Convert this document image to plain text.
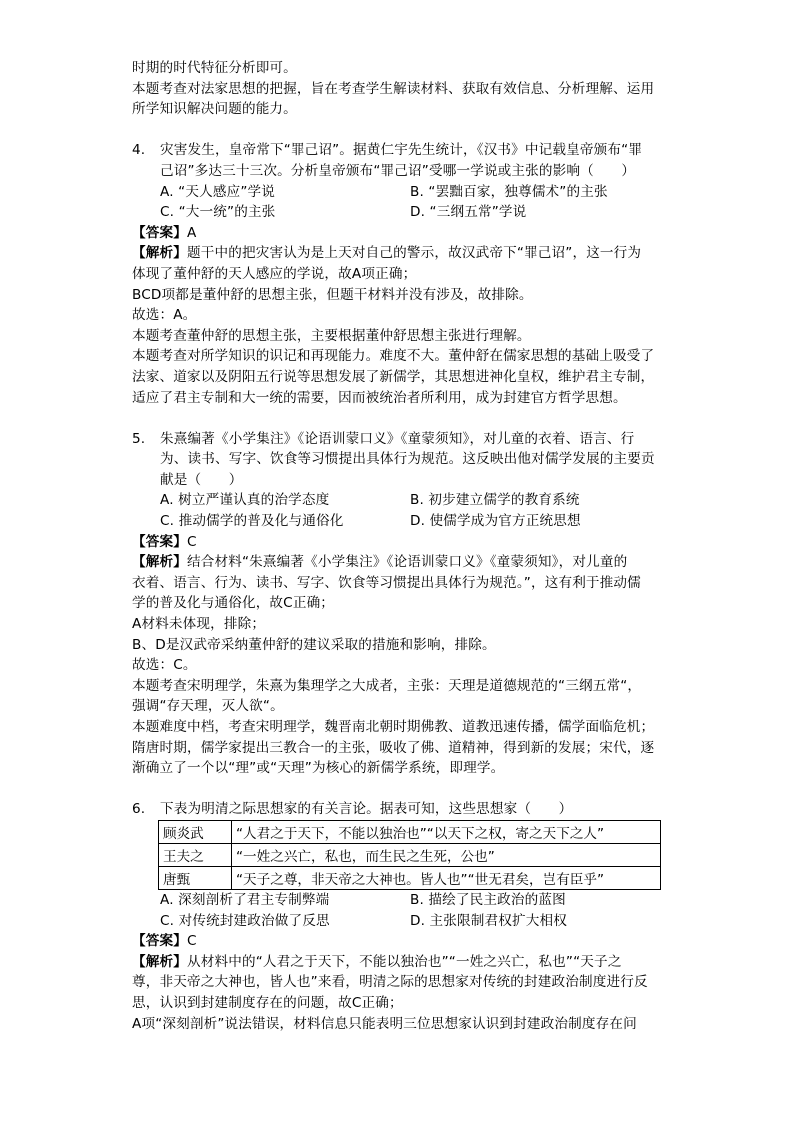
时期的时代特征分析即可。
本题考查对法家思想的把握，旨在考查学生解读材料、获取有效信息、分析理解、运用
所学知识解决问题的能力。
4. 灾害发生，皇帝常下“罪己诏”。据黄仁宇先生统计，《汉书》中记载皇帝颁布“罪
己诏”多达三十三次。分析皇帝颁布“罪己诏”受哪一学说或主张的影响（　　）
A. “天人感应”学说	B. “罢黜百家，独尊儒术”的主张
C. “大一统”的主张	D. “三纲五常”学说
【答案】A
【解析】题干中的把灾害认为是上天对自己的警示，故汉武帝下“罪己诏”，这一行为
体现了董仲舒的天人感应的学说，故A项正确；
BCD项都是董仲舒的思想主张，但题干材料并没有涉及，故排除。
故选：A。
本题考查董仲舒的思想主张，主要根据董仲舒思想主张进行理解。
本题考查对所学知识的识记和再现能力。难度不大。董仲舒在儒家思想的基础上吸受了
法家、道家以及阴阳五行说等思想发展了新儒学，其思想进神化皇权，维护君主专制，
适应了君主专制和大一统的需要，因而被统治者所利用，成为封建官方哲学思想。
5. 朱熹编著《小学集注》《论语训蒙口义》《童蒙须知》，对儿童的衣着、语言、行
为、读书、写字、饮食等习惯提出具体行为规范。这反映出他对儒学发展的主要贡
献是（　　）
A. 树立严谨认真的治学态度	B. 初步建立儒学的教育系统
C. 推动儒学的普及化与通俗化	D. 使儒学成为官方正统思想
【答案】C
【解析】结合材料“朱熹编著《小学集注》《论语训蒙口义》《童蒙须知》，对儿童的
衣着、语言、行为、读书、写字、饮食等习惯提出具体行为规范。”，这有利于推动儒
学的普及化与通俗化，故C正确；
A材料未体现，排除；
B、D是汉武帝采纳董仲舒的建议采取的措施和影响，排除。
故选：C。
本题考查宋明理学，朱熹为集理学之大成者，主张：天理是道德规范的“三纲五常“，
强调“存天理，灭人欲“。
本题难度中档，考查宋明理学，魏晋南北朝时期佛教、道教迅速传播，儒学面临危机；
隋唐时期，儒学家提出三教合一的主张，吸收了佛、道精神，得到新的发展；宋代，逐
渐确立了一个以“理”或“天理”为核心的新儒学系统，即理学。
6. 下表为明清之际思想家的有关言论。据表可知，这些思想家（　　）
顾炎武	“人君之于天下，不能以独治也”“以天下之权，寄之天下之人”
王夫之	“一姓之兴亡，私也，而生民之生死，公也”
唐甄	“天子之尊，非天帝之大神也。皆人也”“世无君矣，岂有臣乎”
A. 深刻剖析了君主专制弊端	B. 描绘了民主政治的蓝图
C. 对传统封建政治做了反思	D. 主张限制君权扩大相权
【答案】C
【解析】从材料中的“人君之于天下，不能以独治也”“一姓之兴亡，私也”“天子之
尊，非天帝之大神也，皆人也”来看，明清之际的思想家对传统的封建政治制度进行反
思，认识到封建制度存在的问题，故C正确；
A项“深刻剖析”说法错误，材料信息只能表明三位思想家认识到封建政治制度存在问
